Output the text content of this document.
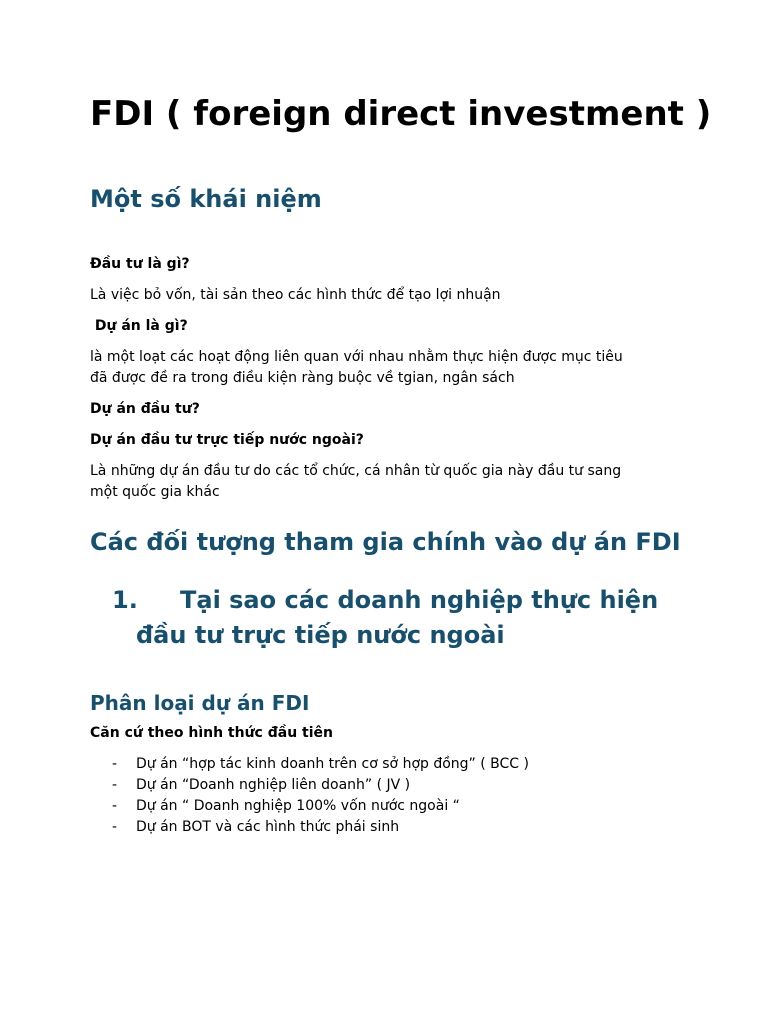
FDI ( foreign direct investment )
Một số khái niệm

Đầu tư là gì?

Là việc bỏ vốn, tài sản theo các hình thức để tạo lợi nhuận

Dự án là gì?

là một loạt các hoạt động liên quan với nhau nhằm thực hiện được mục tiêu

đã được đề ra trong điều kiện ràng buộc về tgian, ngân sách

Dự án đầu tư?

Dự án đầu tư trực tiếp nước ngoài?

Là những dự án đầu tư do các tổ chức, cá nhân từ quốc gia này đầu tư sang

một quốc gia khác

Các đối tượng tham gia chính vào dự án FDI
1. Tại sao các doanh nghiệp thực hiện
đầu tư trực tiếp nước ngoài
Phân loại dự án FDI

Căn cứ theo hình thức đầu tiên

- Dự án “hợp tác kinh doanh trên cơ sở hợp đồng” ( BCC )
- Dự án “Doanh nghiệp liên doanh” ( JV )
- Dự án “ Doanh nghiệp 100% vốn nước ngoài “
- Dự án BOT và các hình thức phái sinh
